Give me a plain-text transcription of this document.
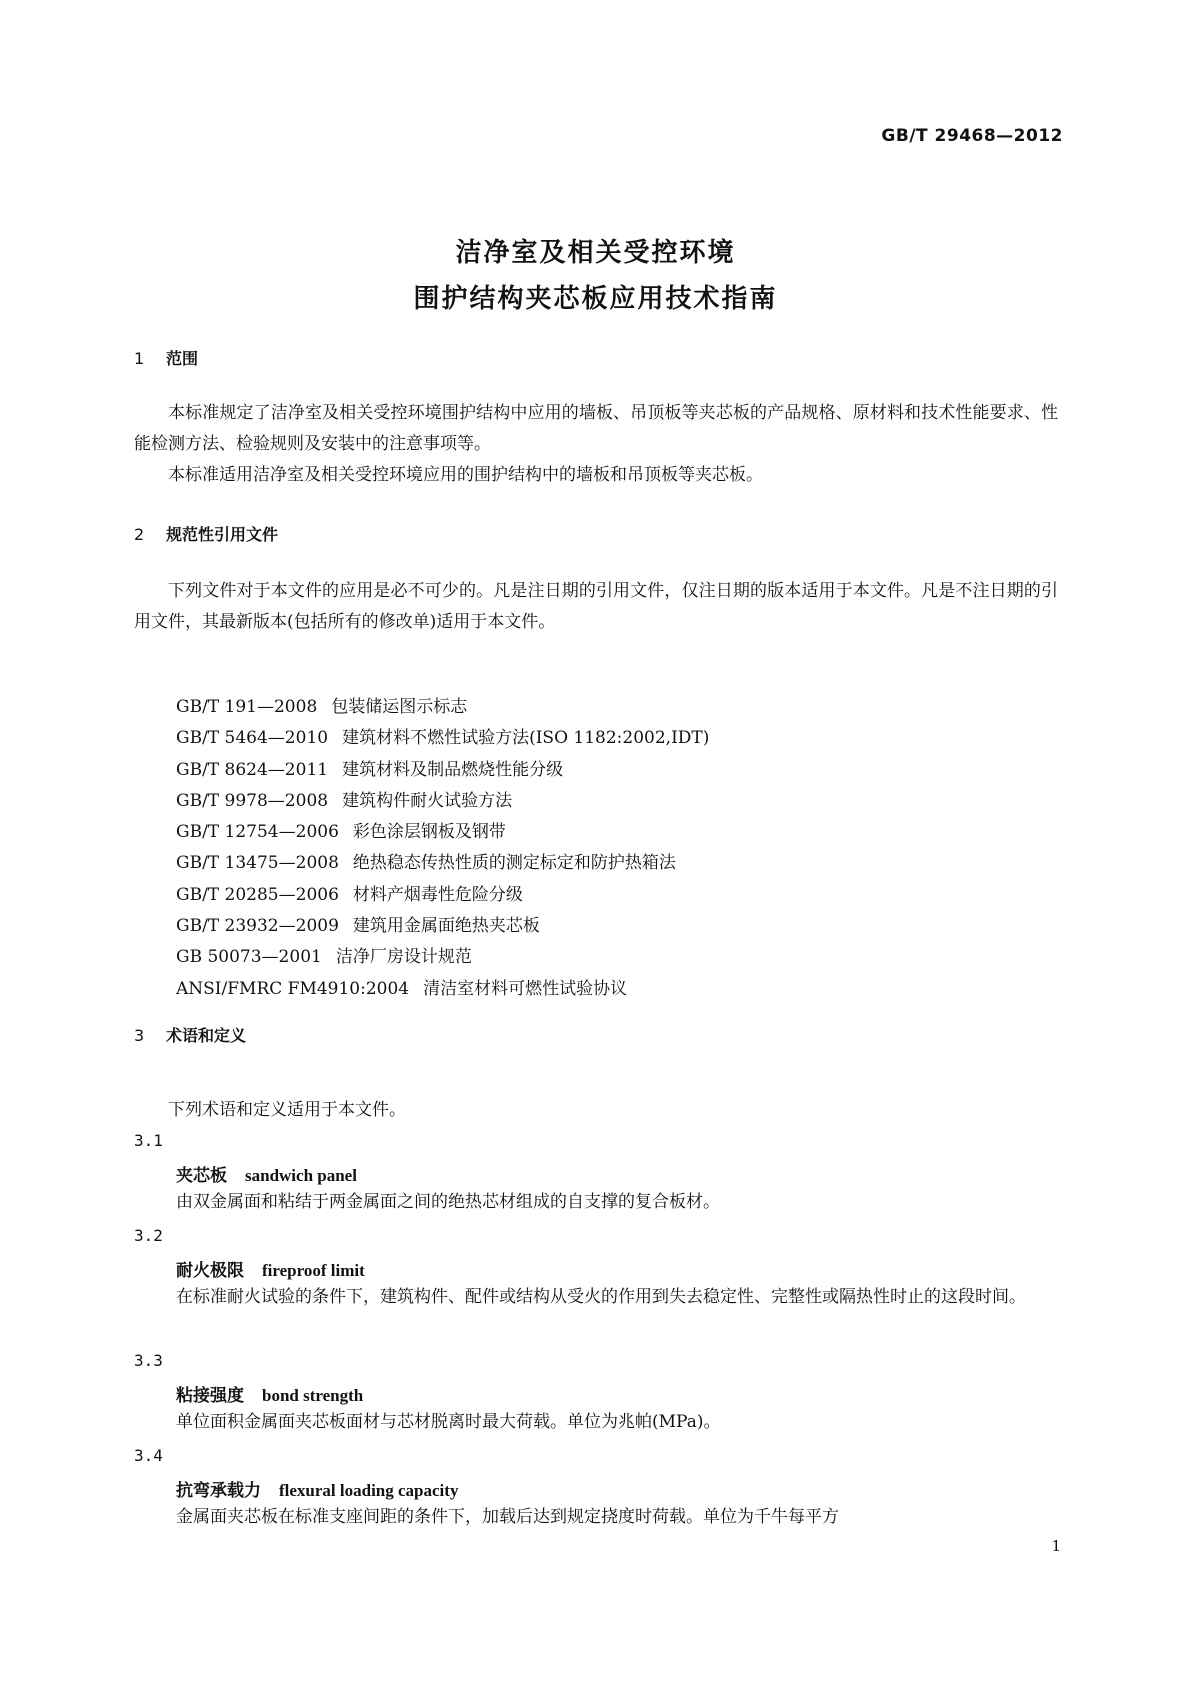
GB/T 29468—2012
洁净室及相关受控环境
围护结构夹芯板应用技术指南
1 范围
本标准规定了洁净室及相关受控环境围护结构中应用的墙板、吊顶板等夹芯板的产品规格、原材料和技术性能要求、性能检测方法、检验规则及安装中的注意事项等。
本标准适用洁净室及相关受控环境应用的围护结构中的墙板和吊顶板等夹芯板。
2 规范性引用文件
下列文件对于本文件的应用是必不可少的。凡是注日期的引用文件，仅注日期的版本适用于本文件。凡是不注日期的引用文件，其最新版本(包括所有的修改单)适用于本文件。
GB/T 191—2008 包装储运图示标志
GB/T 5464—2010 建筑材料不燃性试验方法(ISO 1182:2002,IDT)
GB/T 8624—2011 建筑材料及制品燃烧性能分级
GB/T 9978—2008 建筑构件耐火试验方法
GB/T 12754—2006 彩色涂层钢板及钢带
GB/T 13475—2008 绝热稳态传热性质的测定标定和防护热箱法
GB/T 20285—2006 材料产烟毒性危险分级
GB/T 23932—2009 建筑用金属面绝热夹芯板
GB 50073—2001 洁净厂房设计规范
ANSI/FMRC FM4910:2004 清洁室材料可燃性试验协议
3 术语和定义
下列术语和定义适用于本文件。
3.1
夹芯板 sandwich panel
由双金属面和粘结于两金属面之间的绝热芯材组成的自支撑的复合板材。
3.2
耐火极限 fireproof limit
在标准耐火试验的条件下，建筑构件、配件或结构从受火的作用到失去稳定性、完整性或隔热性时止的这段时间。
3.3
粘接强度 bond strength
单位面积金属面夹芯板面材与芯材脱离时最大荷载。单位为兆帕(MPa)。
3.4
抗弯承载力 flexural loading capacity
金属面夹芯板在标准支座间距的条件下，加载后达到规定挠度时荷载。单位为千牛每平方
1
